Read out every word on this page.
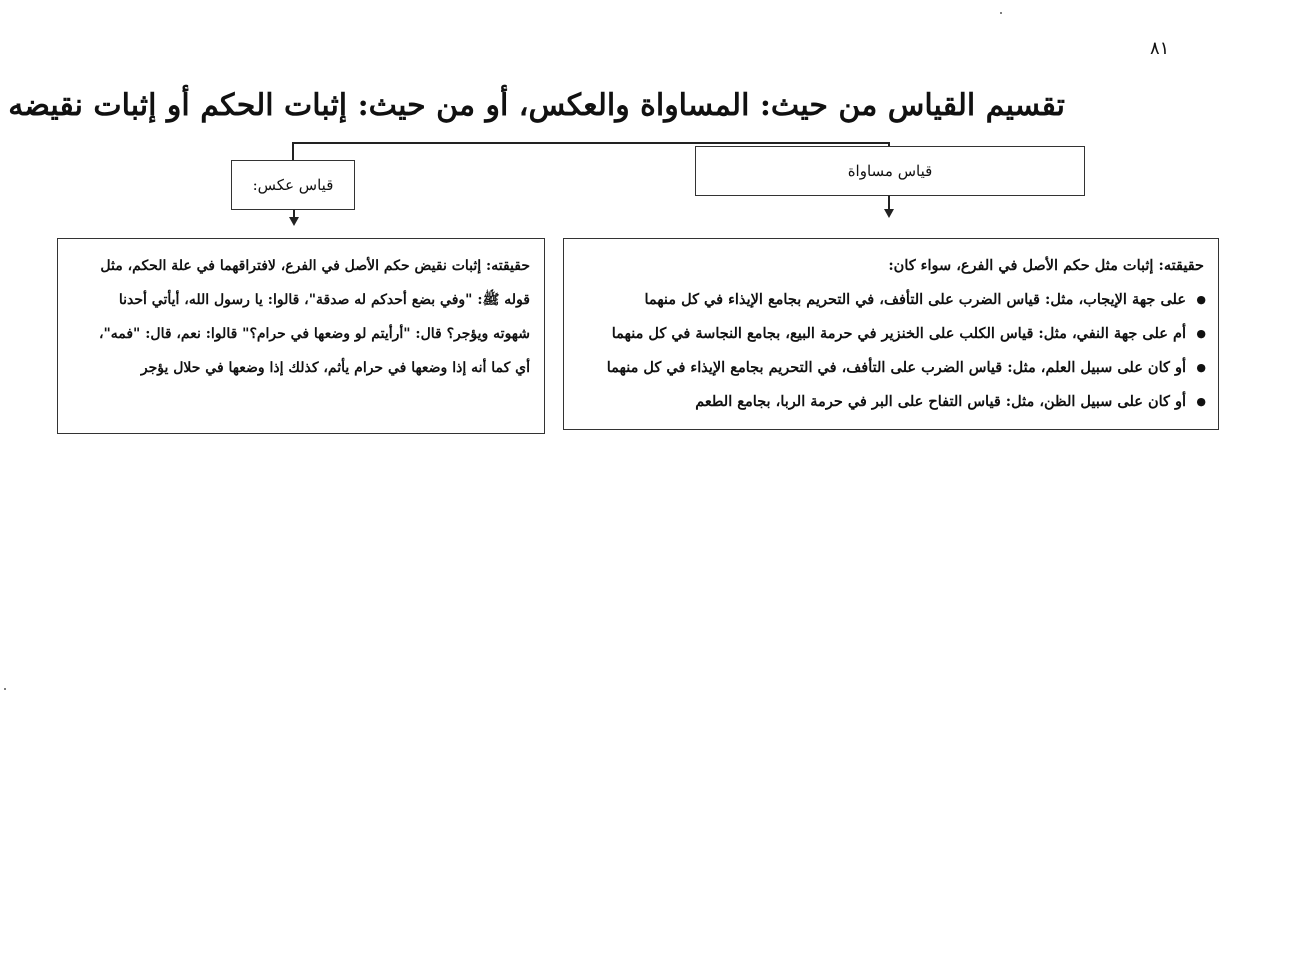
٨١
تقسيم القياس من حيث: المساواة والعكس، أو من حيث: إثبات الحكم أو إثبات نقيضه
قياس عكس:
قياس مساواة
حقيقته: إثبات نقيض حكم الأصل في الفرع، لافتراقهما في علة الحكم، مثل
قوله ﷺ: "وفي بضع أحدكم له صدقة"، قالوا: يا رسول الله، أيأتي أحدنا
شهوته ويؤجر؟ قال: "أرأيتم لو وضعها في حرام؟" قالوا: نعم، قال: "فمه"،
أي كما أنه إذا وضعها في حرام يأثم، كذلك إذا وضعها في حلال يؤجر
حقيقته: إثبات مثل حكم الأصل في الفرع، سواء كان:
● على جهة الإيجاب، مثل: قياس الضرب على التأفف، في التحريم بجامع الإيذاء في كل منهما
● أم على جهة النفي، مثل: قياس الكلب على الخنزير في حرمة البيع، بجامع النجاسة في كل منهما
● أو كان على سبيل العلم، مثل: قياس الضرب على التأفف، في التحريم بجامع الإيذاء في كل منهما
● أو كان على سبيل الظن، مثل: قياس التفاح على البر في حرمة الربا، بجامع الطعم
